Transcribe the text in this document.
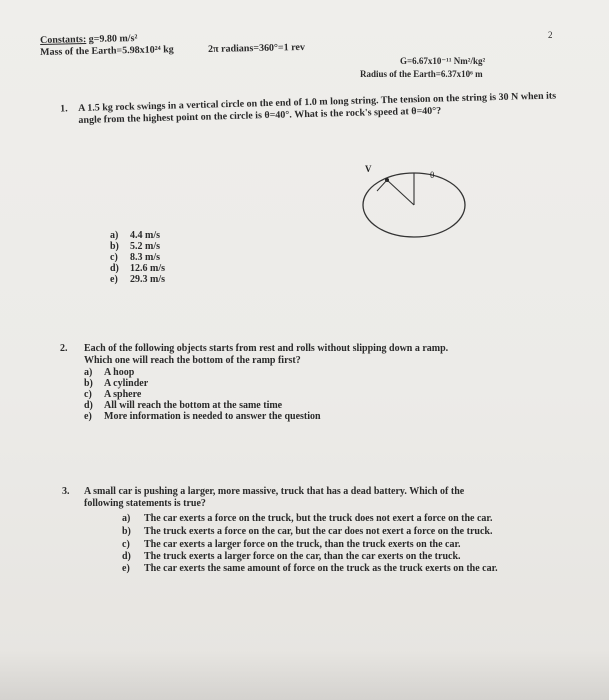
2
Constants: g=9.80 m/s²
2π radians=360°=1 rev
Mass of the Earth=5.98x10²⁴ kg
G=6.67x10⁻¹¹ Nm²/kg²
Radius of the Earth=6.37x10⁶ m
1. A 1.5 kg rock swings in a vertical circle on the end of 1.0 m long string. The tension on the string is 30 N when its angle from the highest point on the circle is θ=40°. What is the rock's speed at θ=40°?
V
θ
a) 4.4 m/s
b) 5.2 m/s
c) 8.3 m/s
d) 12.6 m/s
e) 29.3 m/s
2. Each of the following objects starts from rest and rolls without slipping down a ramp.
Which one will reach the bottom of the ramp first?
a) A hoop
b) A cylinder
c) A sphere
d) All will reach the bottom at the same time
e) More information is needed to answer the question
3. A small car is pushing a larger, more massive, truck that has a dead battery. Which of the
following statements is true?
a) The car exerts a force on the truck, but the truck does not exert a force on the car.
b) The truck exerts a force on the car, but the car does not exert a force on the truck.
c) The car exerts a larger force on the truck, than the truck exerts on the car.
d) The truck exerts a larger force on the car, than the car exerts on the truck.
e) The car exerts the same amount of force on the truck as the truck exerts on the car.
